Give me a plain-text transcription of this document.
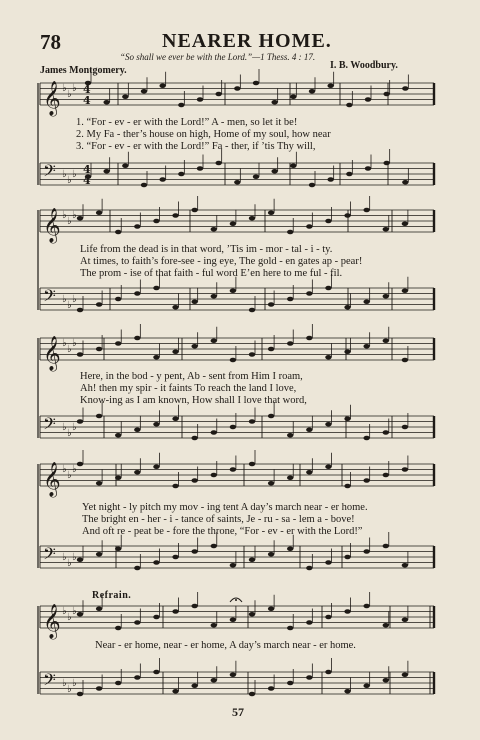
78	NEARER HOME.
“So shall we ever be with the Lord.”—1 Thess. 4 : 17.
James Montgomery.	I. B. Woodbury.
𝄞 ♭
♭
♭
𝄢 ♭
♭
♭
𝄞 ♭
♭
♭
𝄢 ♭
♭
♭
𝄞 ♭
♭
♭
𝄢 ♭
♭
♭
𝄞 ♭
♭
♭
𝄢 ♭
♭
♭
𝄞 ♭
♭
♭
𝄢 ♭
♭
♭
4
4
4
4
1. “For - ev - er with the Lord!” A - men, so let it be!
2. My Fa - ther’s house on high, Home of my soul, how near
3. “For - ev - er with the Lord!” Fa - ther, if ’tis Thy will,
Life from the dead is in that word, ’Tis im - mor - tal - i - ty.
At times, to faith’s fore-see - ing eye, The gold - en gates ap - pear!
The prom - ise of that faith - ful word E’en here to me ful - fil.
Here, in the bod - y pent, Ab - sent from Him I roam,
Ah! then my spir - it faints To reach the land I love,
Know-ing as I am known, How shall I love that word,
Yet night - ly pitch my mov - ing tent A day’s march near - er home.
The bright en - her - i - tance of saints, Je - ru - sa - lem a - bove!
And oft re - peat be - fore the throne, “For - ev - er with the Lord!”
Refrain.
Near - er home, near - er home, A day’s march near - er home.
57
